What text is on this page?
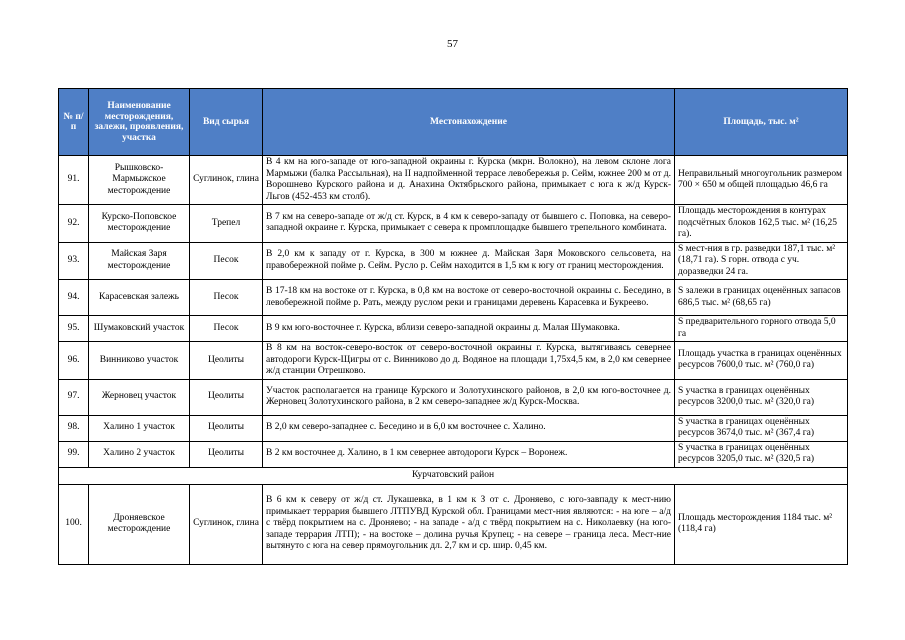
57
№ п/п	Наименование месторождения, залежи, проявления, участка	Вид сырья	Местонахождение	Площадь, тыс. м²
91.	Рышковско-Мармыжское месторождение	Суглинок, глина	В 4 км на юго-западе от юго-западной окраины г. Курска (мкрн. Волокно), на левом склоне лога Мармыжи (балка Рассыльная), на II надпойменной террасе левобережья р. Сейм, южнее 200 м от д. Ворошнево Курского района и д. Анахина Октябрьского района, примыкает с юга к ж/д Курск-Льгов (452-453 км столб).	Неправильный многоугольник размером 700 × 650 м общей площадью 46,6 га
92.	Курско-Поповское месторождение	Трепел	В 7 км на северо-западе от ж/д ст. Курск, в 4 км к северо-западу от бывшего с. Поповка, на северо-западной окраине г. Курска, примыкает с севера к промплощадке бывшего трепельного комбината.	Площадь месторождения в контурах подсчётных блоков 162,5 тыс. м² (16,25 га).
93.	Майская Заря месторождение	Песок	В 2,0 км к западу от г. Курска, в 300 м южнее д. Майская Заря Моковского сельсовета, на правобережной пойме р. Сейм. Русло р. Сейм находится в 1,5 км к югу от границ месторождения.	S мест-ния в гр. разведки 187,1 тыс. м² (18,71 га). S горн. отвода с уч. доразведки 24 га.
94.	Карасевская залежь	Песок	В 17-18 км на востоке от г. Курска, в 0,8 км на востоке от северо-восточной окраины с. Беседино, в левобережной пойме р. Рать, между руслом реки и границами деревень Карасевка и Букреево.	S залежи в границах оценённых запасов 686,5 тыс. м² (68,65 га)
95.	Шумаковский участок	Песок	В 9 км юго-восточнее г. Курска, вблизи северо-западной окраины д. Малая Шумаковка.	S предварительного горного отвода 5,0 га
96.	Винниково участок	Цеолиты	В 8 км на восток-северо-восток от северо-восточной окраины г. Курска, вытягиваясь севернее автодороги Курск-Щигры от с. Винниково до д. Водяное на площади 1,75х4,5 км, в 2,0 км севернее ж/д станции Отрешково.	Площадь участка в границах оценённых ресурсов 7600,0 тыс. м² (760,0 га)
97.	Жерновец участок	Цеолиты	Участок располагается на границе Курского и Золотухинского районов, в 2,0 км юго-восточнее д. Жерновец Золотухинского района, в 2 км северо-западнее ж/д Курск-Москва.	S участка в границах оценённых ресурсов 3200,0 тыс. м² (320,0 га)
98.	Халино 1 участок	Цеолиты	В 2,0 км северо-западнее с. Беседино и в 6,0 км восточнее с. Халино.	S участка в границах оценённых ресурсов 3674,0 тыс. м² (367,4 га)
99.	Халино 2 участок	Цеолиты	В 2 км восточнее д. Халино, в 1 км севернее автодороги Курск – Воронеж.	S участка в границах оценённых ресурсов 3205,0 тыс. м² (320,5 га)
Курчатовский район				
100.	Дроняевское месторождение	Суглинок, глина	В 6 км к северу от ж/д ст. Лукашевка, в 1 км к З от с. Дроняево, с юго-завпаду к мест-нию примыкает террария бывшего ЛТПУВД Курской обл. Границами мест-ния являются: - на юге – а/д с твёрд покрытием на с. Дроняево; - на западе - а/д с твёрд покрытием на с. Николаевку (на юго-западе террария ЛТП); - на востоке – долина ручья Крупец; - на севере – граница леса. Мест-ние вытянуто с юга на север прямоугольник дл. 2,7 км и ср. шир. 0,45 км.	Площадь месторождения 1184 тыс. м² (118,4 га)
